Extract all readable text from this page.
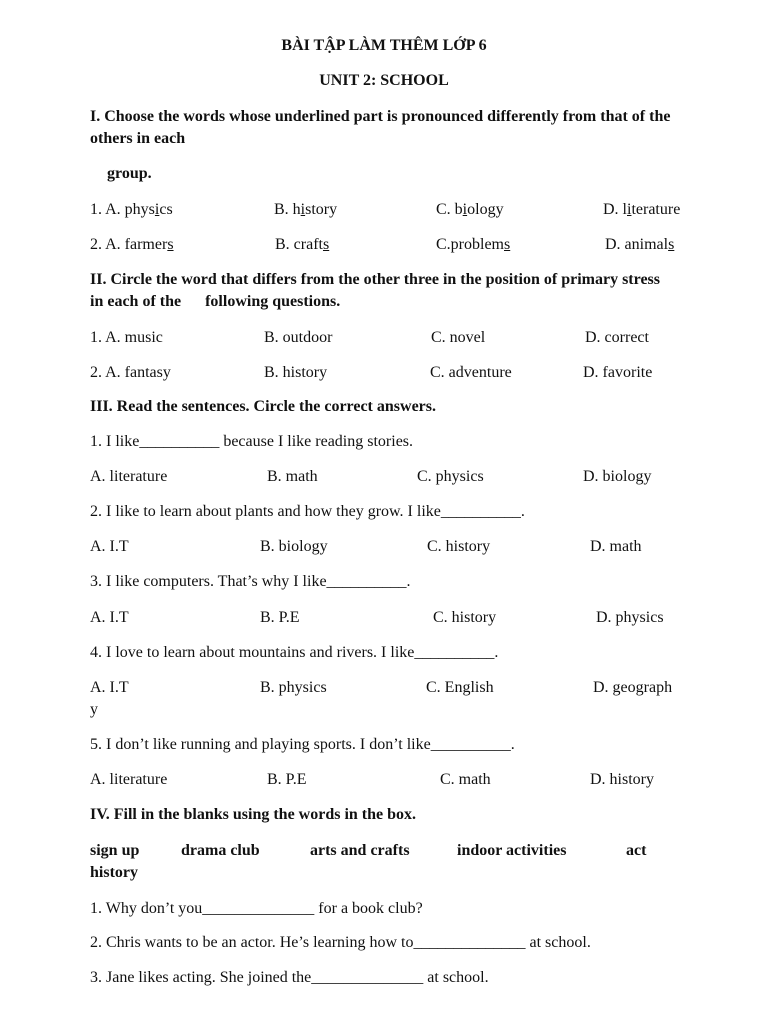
BÀI TẬP LÀM THÊM LỚP 6
UNIT 2: SCHOOL
I. Choose the words whose underlined part is pronounced differently from that of the others in each
group.
1. A. physics	B. history	C. biology	D. literature
2. A. farmers	B. crafts	C.problems	D. animals
II. Circle the word that differs from the other three in the position of primary stress
in each of the      following questions.
1. A. music	B. outdoor	C. novel	D. correct
2. A. fantasy	B. history	C. adventure	D. favorite
III. Read the sentences. Circle the correct answers.
1. I like__________ because I like reading stories.
A. literature	B. math	C. physics	D. biology
2. I like to learn about plants and how they grow. I like__________.
A. I.T	B. biology	C. history	D. math
3. I like computers. That’s why I like__________.
A. I.T	B. P.E	C. history	D. physics
4. I love to learn about mountains and rivers. I like__________.
A. I.T	B. physics	C. English	D. geograph
y
5. I don’t like running and playing sports. I don’t like__________.
A. literature	B. P.E	C. math	D. history
IV. Fill in the blanks using the words in the box.
sign up	drama club	arts and crafts	indoor activities	act
history
1. Why don’t you______________ for a book club?
2. Chris wants to be an actor. He’s learning how to______________ at school.
3. Jane likes acting. She joined the______________ at school.
